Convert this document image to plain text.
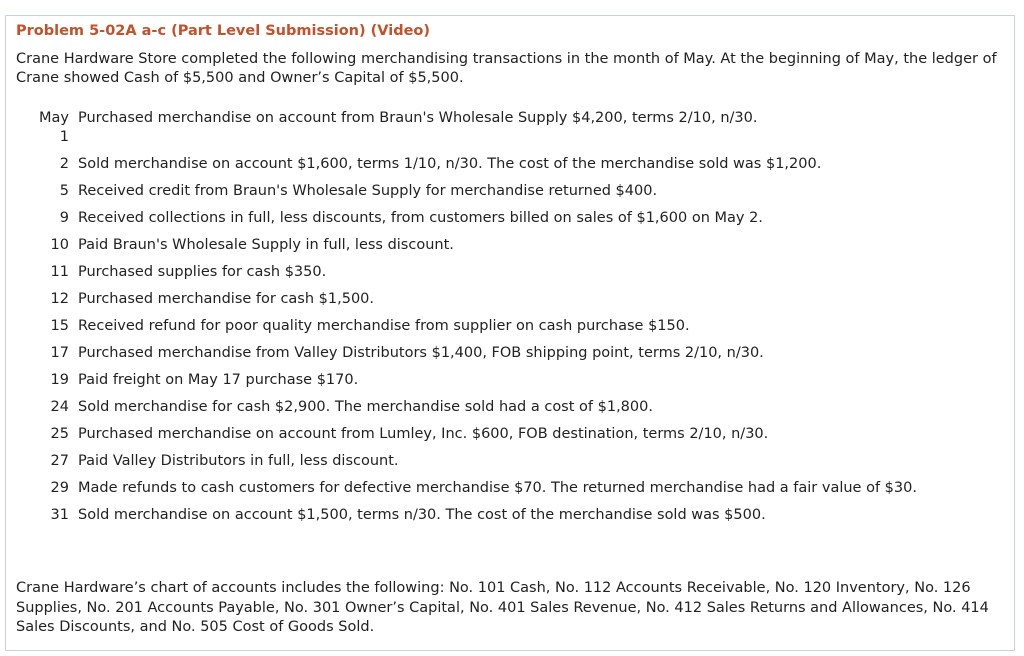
Problem 5-02A a-c (Part Level Submission) (Video)
Crane Hardware Store completed the following merchandising transactions in the month of May. At the beginning of May, the ledger of Crane showed Cash of $5,500 and Owner’s Capital of $5,500.
May
1
Purchased merchandise on account from Braun's Wholesale Supply $4,200, terms 2/10, n/30.
2 Sold merchandise on account $1,600, terms 1/10, n/30. The cost of the merchandise sold was $1,200.
5 Received credit from Braun's Wholesale Supply for merchandise returned $400.
9 Received collections in full, less discounts, from customers billed on sales of $1,600 on May 2.
10 Paid Braun's Wholesale Supply in full, less discount.
11 Purchased supplies for cash $350.
12 Purchased merchandise for cash $1,500.
15 Received refund for poor quality merchandise from supplier on cash purchase $150.
17 Purchased merchandise from Valley Distributors $1,400, FOB shipping point, terms 2/10, n/30.
19 Paid freight on May 17 purchase $170.
24 Sold merchandise for cash $2,900. The merchandise sold had a cost of $1,800.
25 Purchased merchandise on account from Lumley, Inc. $600, FOB destination, terms 2/10, n/30.
27 Paid Valley Distributors in full, less discount.
29 Made refunds to cash customers for defective merchandise $70. The returned merchandise had a fair value of $30.
31 Sold merchandise on account $1,500, terms n/30. The cost of the merchandise sold was $500.
Crane Hardware’s chart of accounts includes the following: No. 101 Cash, No. 112 Accounts Receivable, No. 120 Inventory, No. 126 Supplies, No. 201 Accounts Payable, No. 301 Owner’s Capital, No. 401 Sales Revenue, No. 412 Sales Returns and Allowances, No. 414 Sales Discounts, and No. 505 Cost of Goods Sold.
